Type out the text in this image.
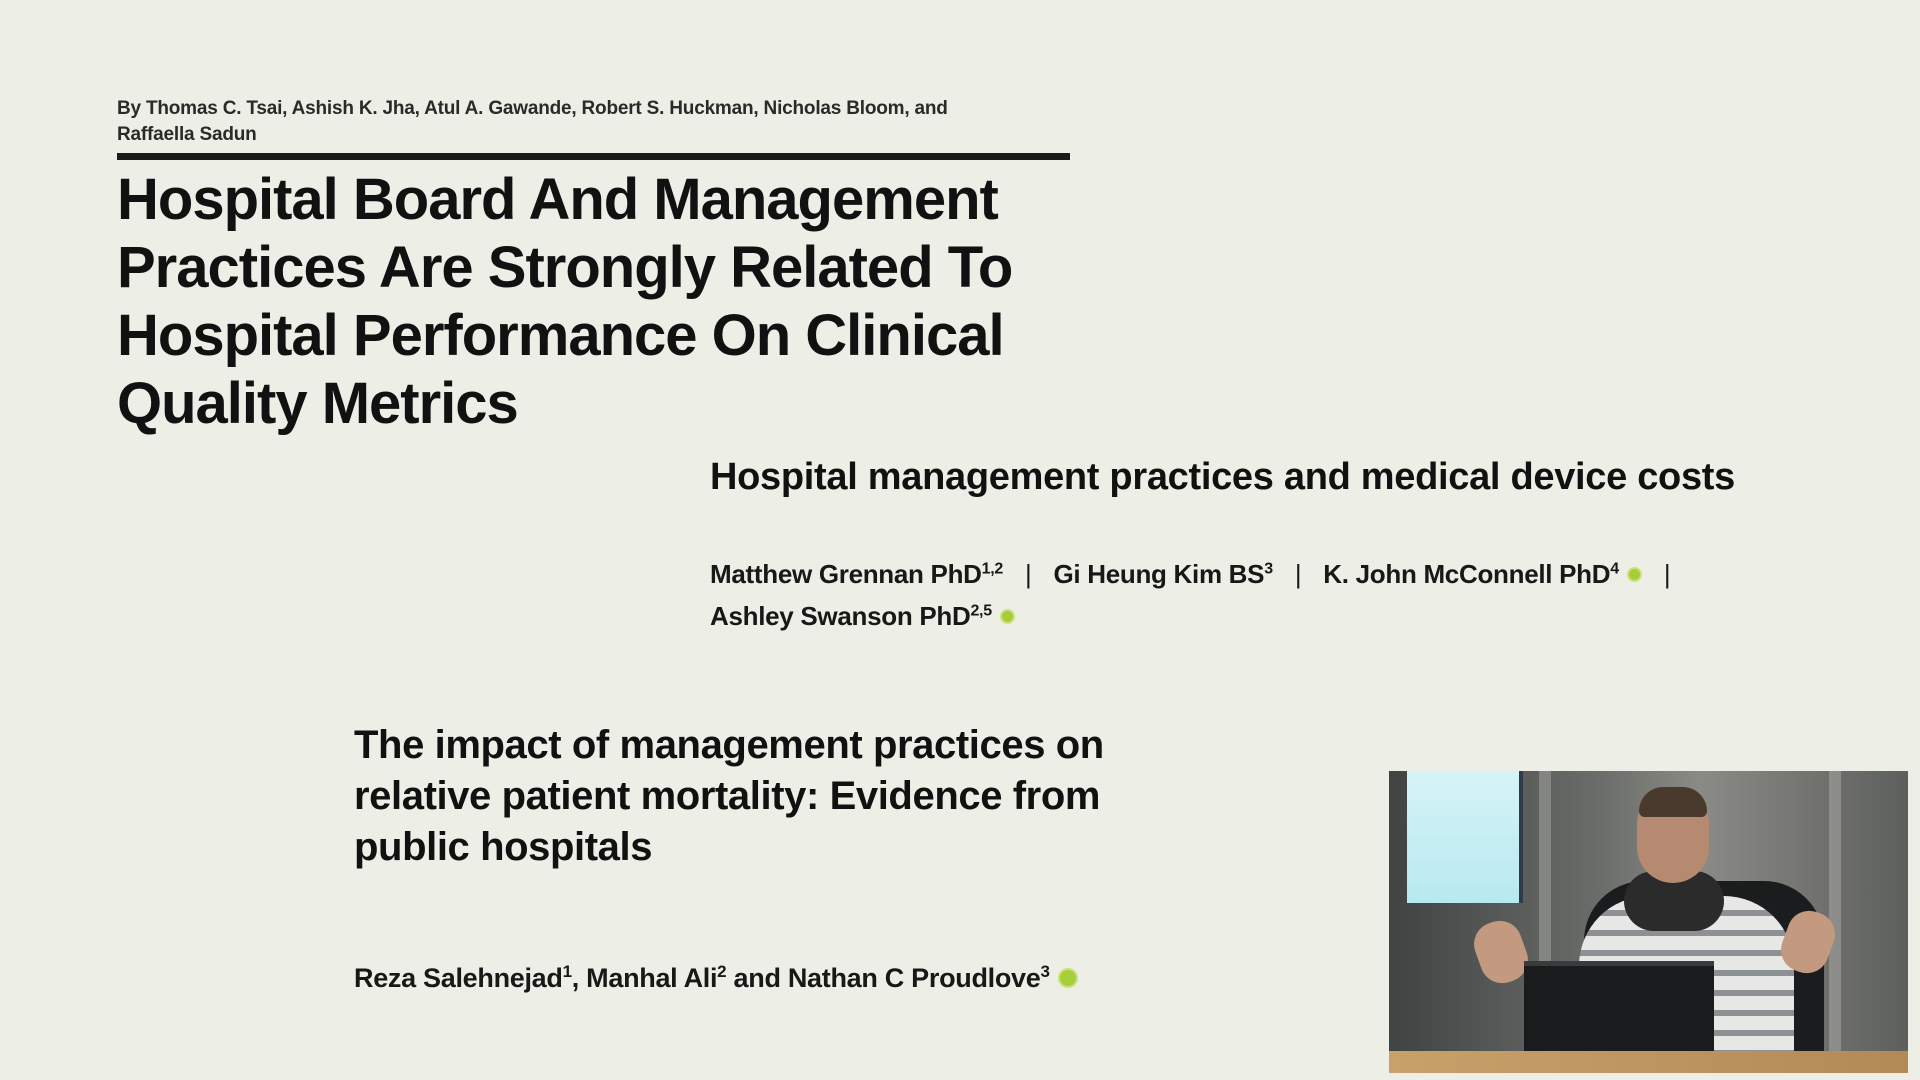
By Thomas C. Tsai, Ashish K. Jha, Atul A. Gawande, Robert S. Huckman, Nicholas Bloom, and
Raffaella Sadun
Hospital Board And Management
Practices Are Strongly Related To
Hospital Performance On Clinical
Quality Metrics
Hospital management practices and medical device costs
Matthew Grennan PhD$^{1,2}$ | Gi Heung Kim $BS^3$ | K. John McConnell PhD$^4$ |
Ashley Swanson PhD$^{2,5}$
The impact of management practices on
relative patient mortality: Evidence from
public hospitals
Reza Salehnejad$^1$, Manhal Ali$^2$ and Nathan C Proudlove$^3$
